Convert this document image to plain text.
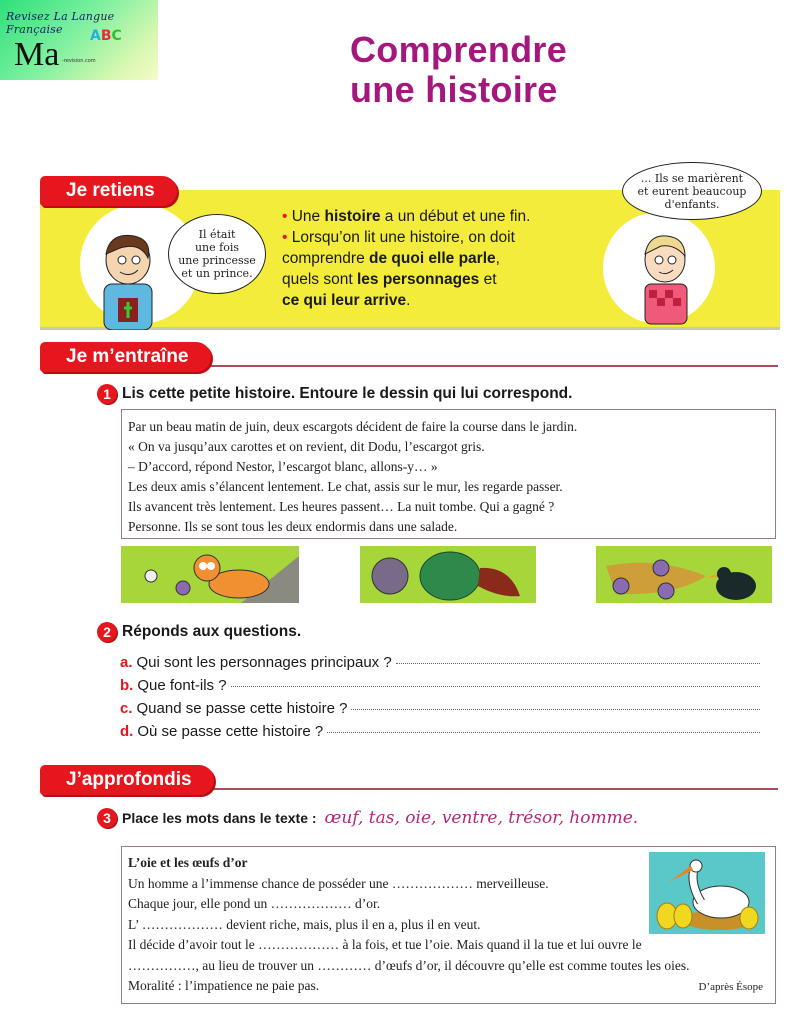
Revisez La Langue Française
Ma ABC
-revision.com	Comprendre
une histoire
Il était
une fois
une princesse
et un prince.
... Ils se marièrent
et eurent beaucoup
d'enfants.
Je retiens
• Une histoire a un début et une fin.
• Lorsqu’on lit une histoire, on doit
comprendre de quoi elle parle,
quels sont les personnages et
ce qui leur arrive.
Je m’entraîne
1 Lis cette petite histoire. Entoure le dessin qui lui correspond.
Par un beau matin de juin, deux escargots décident de faire la course dans le jardin.
« On va jusqu’aux carottes et on revient, dit Dodu, l’escargot gris.
– D’accord, répond Nestor, l’escargot blanc, allons-y… »
Les deux amis s’élancent lentement. Le chat, assis sur le mur, les regarde passer.
Ils avancent très lentement. Les heures passent… La nuit tombe. Qui a gagné ?
Personne. Ils se sont tous les deux endormis dans une salade.
2 Réponds aux questions.
a. Qui sont les personnages principaux ?
b. Que font-ils ?
c. Quand se passe cette histoire ?
d. Où se passe cette histoire ?
J’approfondis
3 Place les mots dans le texte : œuf, tas, oie, ventre, trésor, homme.
L’oie et les œufs d’or
Un homme a l’immense chance de posséder une ……………… merveilleuse.
Chaque jour, elle pond un ……………… d’or.
L’ ……………… devient riche, mais, plus il en a, plus il en veut.
Il décide d’avoir tout le ……………… à la fois, et tue l’oie. Mais quand il la tue et lui ouvre le
……………, au lieu de trouver un ………… d’œufs d’or, il découvre qu’elle est comme toutes les oies.
Moralité : l’impatience ne paie pas.	D’après Ésope
